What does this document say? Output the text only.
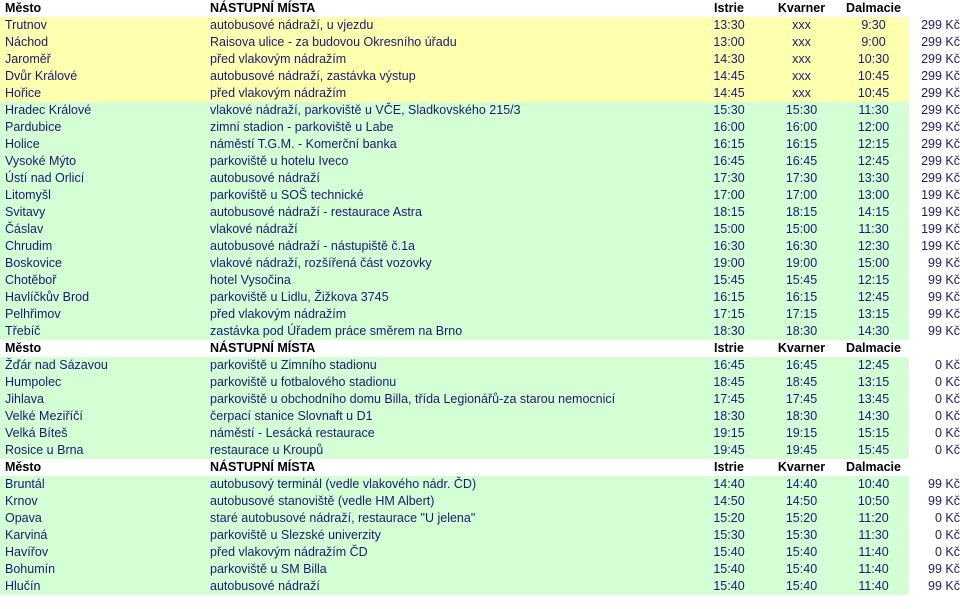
Město	NÁSTUPNÍ MÍSTA	Istrie	Kvarner	Dalmacie	
Trutnov	autobusové nádraží, u vjezdu	13:30	xxx	9:30	299 Kč
Náchod	Raisova ulice - za budovou Okresního úřadu	13:00	xxx	9:00	299 Kč
Jaroměř	před vlakovým nádražím	14:30	xxx	10:30	299 Kč
Dvůr Králové	autobusové nádraží, zastávka výstup	14:45	xxx	10:45	299 Kč
Hořice	před vlakovým nádražím	14:45	xxx	10:45	299 Kč
Hradec Králové	vlakové nádraží, parkoviště u VČE, Sladkovského 215/3	15:30	15:30	11:30	299 Kč
Pardubice	zimní stadion - parkoviště u Labe	16:00	16:00	12:00	299 Kč
Holice	náměstí T.G.M. - Komerční banka	16:15	16:15	12:15	299 Kč
Vysoké Mýto	parkoviště u hotelu Iveco	16:45	16:45	12:45	299 Kč
Ústí nad Orlicí	autobusové nádraží	17:30	17:30	13:30	299 Kč
Litomyšl	parkoviště u SOŠ technické	17:00	17:00	13:00	199 Kč
Svitavy	autobusové nádraží - restaurace Astra	18:15	18:15	14:15	199 Kč
Čáslav	vlakové nádraží	15:00	15:00	11:30	199 Kč
Chrudim	autobusové nádraží - nástupiště č.1a	16:30	16:30	12:30	199 Kč
Boskovice	vlakové nádraží, rozšířená část vozovky	19:00	19:00	15:00	99 Kč
Chotěboř	hotel Vysočina	15:45	15:45	12:15	99 Kč
Havlíčkův Brod	parkoviště u Lidlu, Žižkova 3745	16:15	16:15	12:45	99 Kč
Pelhřimov	před vlakovým nádražím	17:15	17:15	13:15	99 Kč
Třebíč	zastávka pod Úřadem práce směrem na Brno	18:30	18:30	14:30	99 Kč
Město	NÁSTUPNÍ MÍSTA	Istrie	Kvarner	Dalmacie	
Žďár nad Sázavou	parkoviště u Zimního stadionu	16:45	16:45	12:45	0 Kč
Humpolec	parkoviště u fotbalového stadionu	18:45	18:45	13:15	0 Kč
Jihlava	parkoviště u obchodního domu Billa, třída Legionářů-za starou nemocnicí	17:45	17:45	13:45	0 Kč
Velké Meziříčí	čerpací stanice Slovnaft u D1	18:30	18:30	14:30	0 Kč
Velká Bíteš	náměstí - Lesácká restaurace	19:15	19:15	15:15	0 Kč
Rosice u Brna	restaurace u Kroupů	19:45	19:45	15:45	0 Kč
Město	NÁSTUPNÍ MÍSTA	Istrie	Kvarner	Dalmacie	
Bruntál	autobusový terminál (vedle vlakového nádr. ČD)	14:40	14:40	10:40	99 Kč
Krnov	autobusové stanoviště (vedle HM Albert)	14:50	14:50	10:50	99 Kč
Opava	staré autobusové nádraží, restaurace "U jelena"	15:20	15:20	11:20	0 Kč
Karviná	parkoviště u Slezské univerzity	15:30	15:30	11:30	0 Kč
Havířov	před vlakovým nádražím ČD	15:40	15:40	11:40	0 Kč
Bohumín	parkoviště u SM Billa	15:40	15:40	11:40	99 Kč
Hlučín	autobusové nádraží	15:40	15:40	11:40	99 Kč
